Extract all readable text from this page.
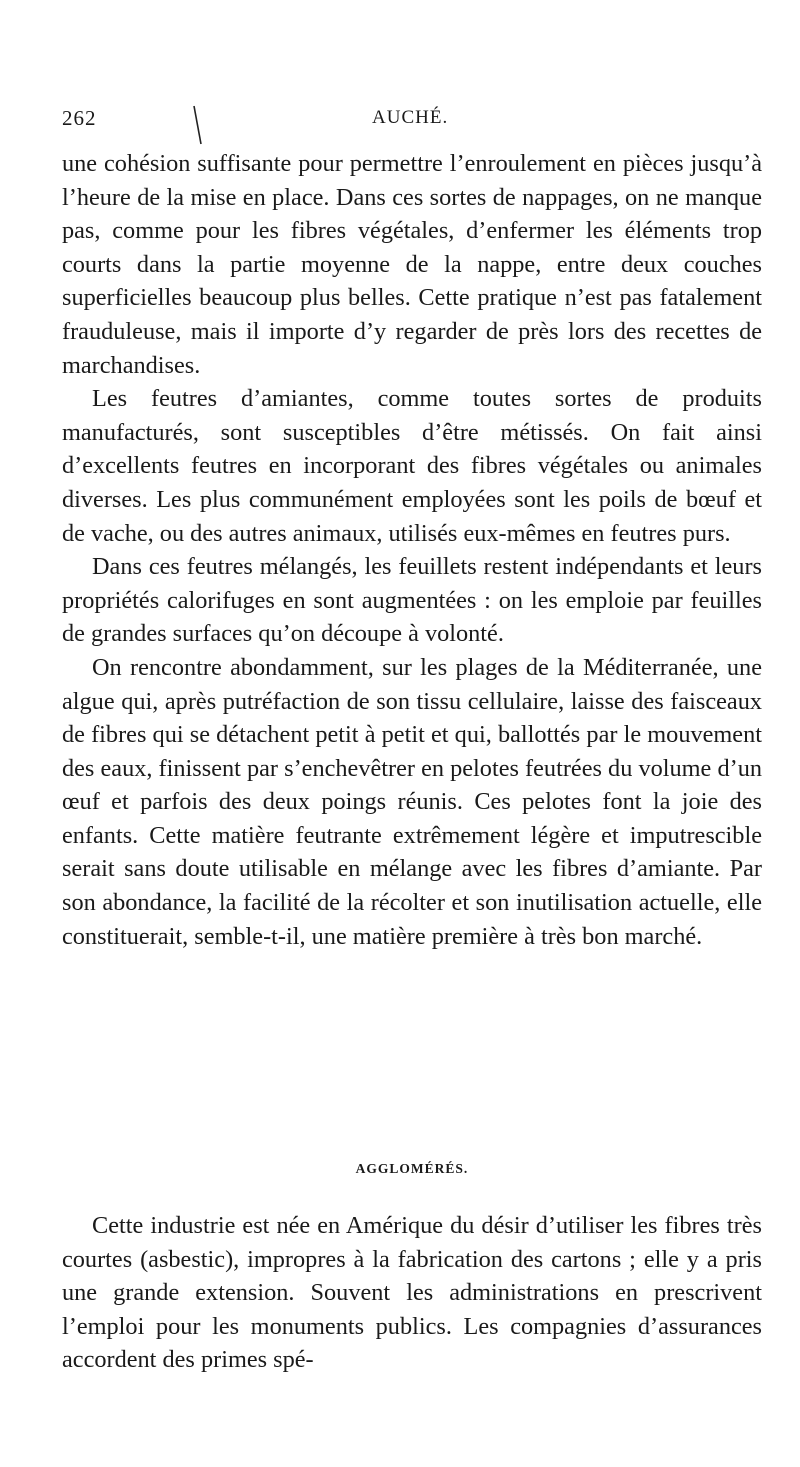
262	AUCHÉ.

une cohésion suffisante pour permettre l’enroulement en pièces jusqu’à l’heure de la mise en place. Dans ces sortes de nappages, on ne manque pas, comme pour les fibres végétales, d’enfermer les éléments trop courts dans la partie moyenne de la nappe, entre deux couches superficielles beaucoup plus belles. Cette pratique n’est pas fatalement frauduleuse, mais il importe d’y regarder de près lors des recettes de marchandises.

Les feutres d’amiantes, comme toutes sortes de produits manufacturés, sont susceptibles d’être métissés. On fait ainsi d’excellents feutres en incorporant des fibres végétales ou animales diverses. Les plus communément employées sont les poils de bœuf et de vache, ou des autres animaux, utilisés eux-mêmes en feutres purs.

Dans ces feutres mélangés, les feuillets restent indépendants et leurs propriétés calorifuges en sont augmentées : on les emploie par feuilles de grandes surfaces qu’on découpe à volonté.

On rencontre abondamment, sur les plages de la Méditerranée, une algue qui, après putréfaction de son tissu cellulaire, laisse des faisceaux de fibres qui se détachent petit à petit et qui, ballottés par le mouvement des eaux, finissent par s’enchevêtrer en pelotes feutrées du volume d’un œuf et parfois des deux poings réunis. Ces pelotes font la joie des enfants. Cette matière feutrante extrêmement légère et imputrescible serait sans doute utilisable en mélange avec les fibres d’amiante. Par son abondance, la facilité de la récolter et son inutilisation actuelle, elle constituerait, semble-t-il, une matière première à très bon marché.

AGGLOMÉRÉS.

Cette industrie est née en Amérique du désir d’utiliser les fibres très courtes (asbestic), impropres à la fabrication des cartons ; elle y a pris une grande extension. Souvent les administrations en prescrivent l’emploi pour les monuments publics. Les compagnies d’assurances accordent des primes spé-
